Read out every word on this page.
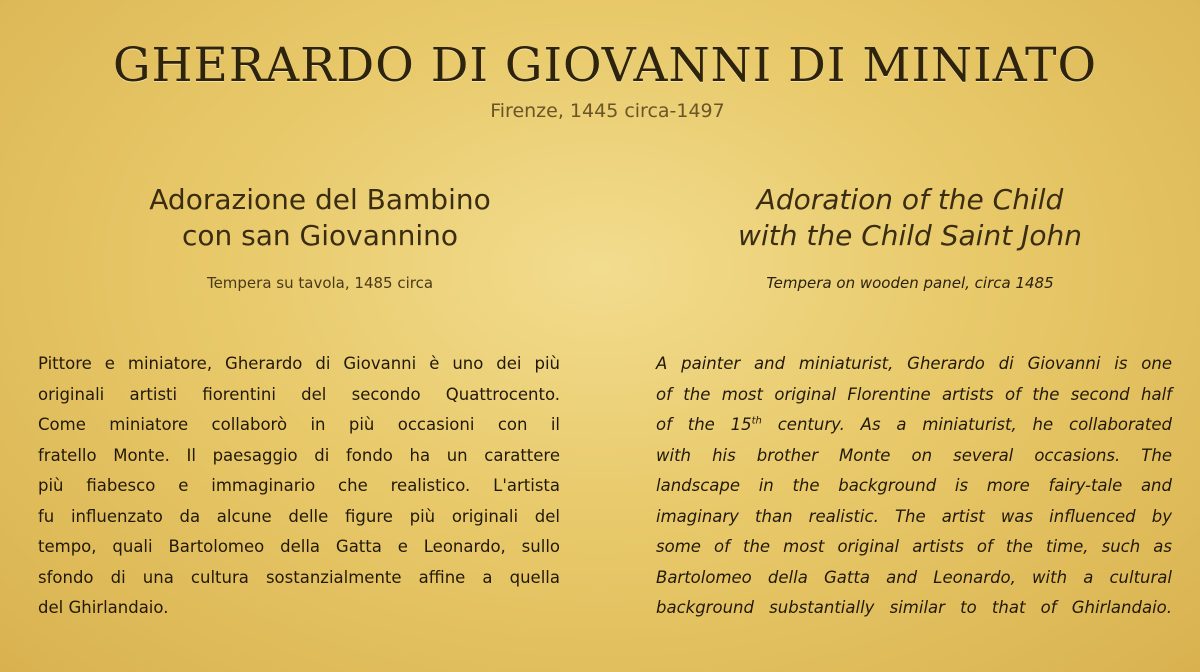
GHERARDO DI GIOVANNI DI MINIATO
Firenze, 1445 circa-1497
Adorazione del Bambino
con san Giovannino
Adoration of the Child
with the Child Saint John
Tempera su tavola, 1485 circa	Tempera on wooden panel, circa 1485
Pittore e miniatore, Gherardo di Giovanni è uno dei più
originali artisti fiorentini del secondo Quattrocento.
Come miniatore collaborò in più occasioni con il
fratello Monte. Il paesaggio di fondo ha un carattere
più fiabesco e immaginario che realistico. L'artista
fu influenzato da alcune delle figure più originali del
tempo, quali Bartolomeo della Gatta e Leonardo, sullo
sfondo di una cultura sostanzialmente affine a quella
del Ghirlandaio.
A painter and miniaturist, Gherardo di Giovanni is one
of the most original Florentine artists of the second half
of the 15th century. As a miniaturist, he collaborated
with his brother Monte on several occasions. The
landscape in the background is more fairy-tale and
imaginary than realistic. The artist was influenced by
some of the most original artists of the time, such as
Bartolomeo della Gatta and Leonardo, with a cultural
background substantially similar to that of Ghirlandaio.
